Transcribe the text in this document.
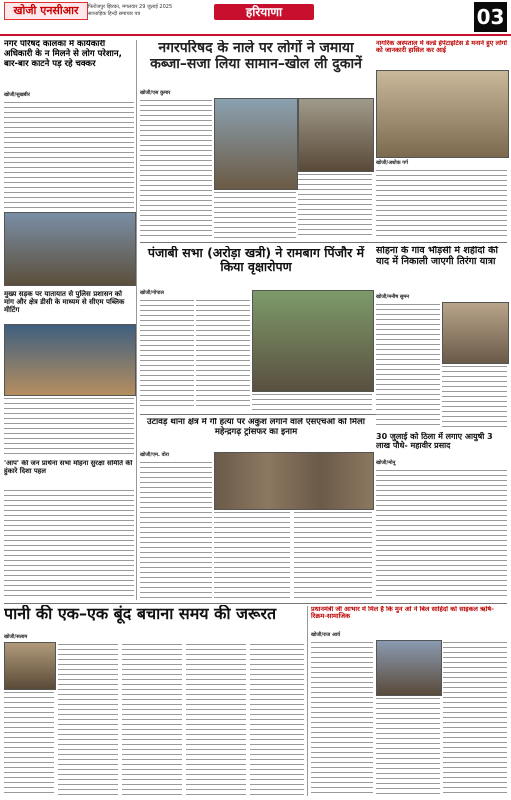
खोजी एनसीआर	फिरोजपुर झिरका, मंगलवार 29 जुलाई 2025
साप्ताहिक हिन्दी समाचार पत्र	हरियाणा	03
नगर परिषद कालका में कार्यकारी अधिकारी के न मिलने से लोग परेशान, बार-बार काटने पड़ रहे चक्कर
खोजी/सुखबीर
मुख्य सड़क पर यातायात से पुलिस प्रशासन को मांग और क्षेत्र डीसी के माध्यम से सीएम पब्लिक मीटिंग
'आप' की जन प्रार्थना सभा मोहना सुरक्षा समिति की हुंकारे दिशा पहल
नगरपरिषद के नाले पर लोगों ने जमाया कब्जा–सजा लिया सामान–खोल ली दुकानें
खोजी/एस कुमार
नागरिक अस्पताल में वर्ल्ड हेपेटाइटिस डे मनाने हुए लोगों को जानकारी हासिल कर आई
खोजी/अशोक गर्ग
पंजाबी सभा (अरोड़ा खत्री) ने रामबाग पिंजौर में किया वृक्षारोपण
खोजी/गोपाल
सोहना के गांव भौंड़सी में शहीदों की याद में निकाली जाएगी तिरंगा यात्रा
खोजी/मनीष सुमन
उटावड़ थाना क्षेत्र में गौ हत्या पर अंकुश लगाने वाले एसएचओ को मिला महेन्द्रगढ़ ट्रांसफर का इनाम
खोजी/एम. वोरा
30 जुलाई को ठिला में लगाए आयुषी 3 लाख पौधे- महावीर प्रसाद
खोजी/मोनू
पानी की एक–एक बूंद बचाना समय की जरूरत
खोजी/सलाम
प्रधानमंत्री जी आभार में मिल है कि मुन ओ ने बिल साहिदों को साइकल ऋषि-रिक्रम-सामाजिक
खोजी/राज आर्य
